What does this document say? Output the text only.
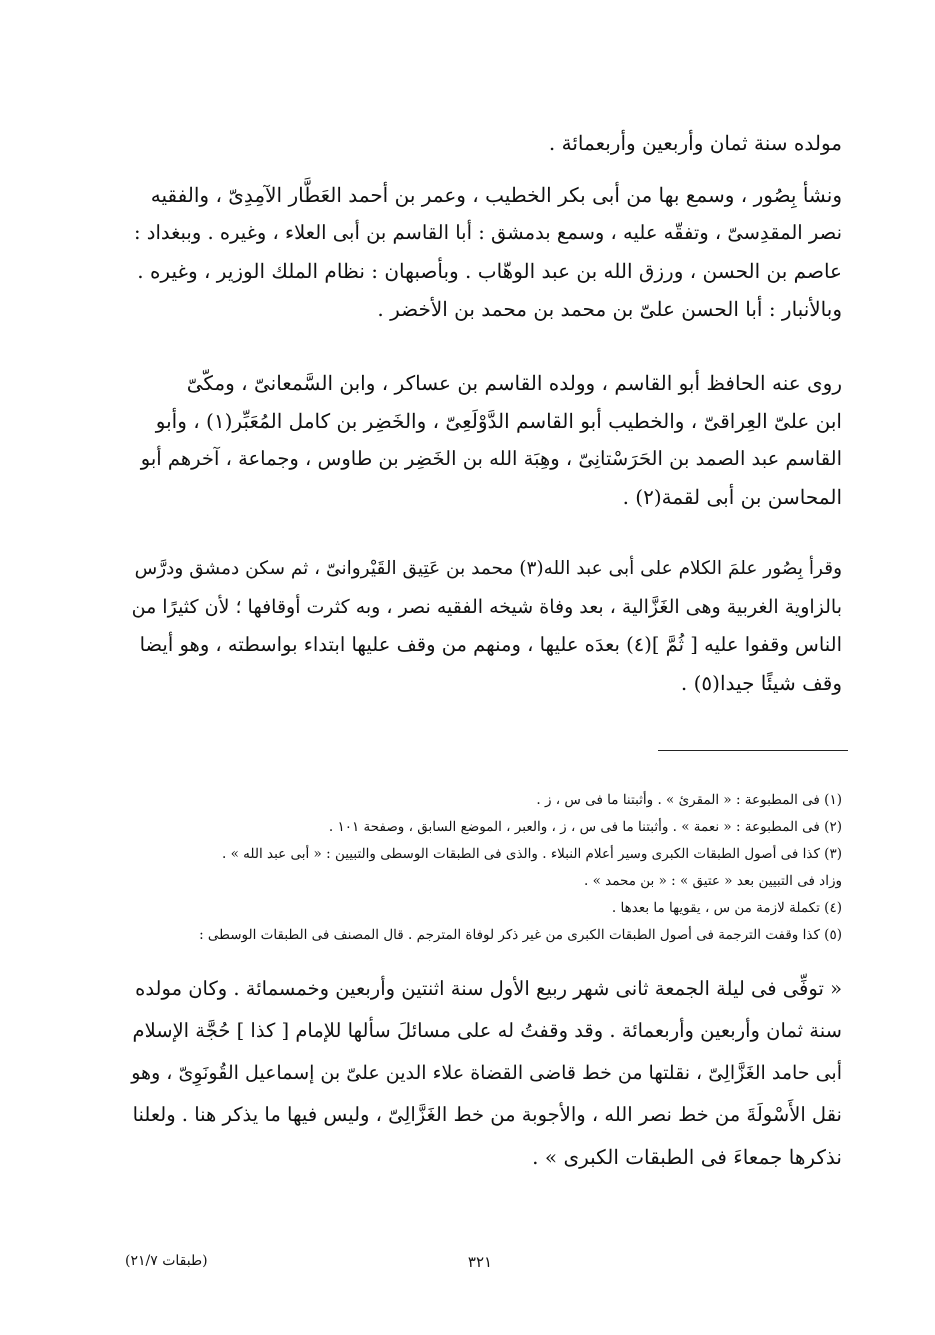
مولده سنة ثمان وأربعين وأربعمائة .
ونشأ بِصُور ، وسمع بها من أبى بكر الخطيب ، وعمر بن أحمد العَطَّار الآمِدِىّ ، والفقيه
نصر المقدِسىّ ، وتفقّه عليه ، وسمع بدمشق : أبا القاسم بن أبى العلاء ، وغيره . وببغداد :
عاصم بن الحسن ، ورزق الله بن عبد الوهّاب . وبأصبهان : نظام الملك الوزير ، وغيره .
وبالأنبار : أبا الحسن علىّ بن محمد بن محمد بن الأخضر .
روى عنه الحافظ أبو القاسم ، وولده القاسم بن عساكر ، وابن السَّمعانىّ ، ومكّىّ
ابن علىّ العِراقىّ ، والخطيب أبو القاسم الدَّوْلَعِىّ ، والخَضِر بن كامل المُعَبِّر(١) ، وأبو
القاسم عبد الصمد بن الحَرَسْتانِىّ ، وهِبَة الله بن الخَضِر بن طاوس ، وجماعة ، آخرهم أبو
المحاسن بن أبى لقمة(٢) .
وقرأ بِصُور علمَ الكلام على أبى عبد الله(٣) محمد بن عَتِيق القَيْروانىّ ، ثم سكن دمشق ودرَّس
بالزاوية الغربية وهى الغَزَّالية ، بعد وفاة شيخه الفقيه نصر ، وبه كثرت أوقافها ؛ لأن كثيرًا من
الناس وقفوا عليه [ ثُمَّ ](٤) بعدَه عليها ، ومنهم من وقف عليها ابتداء بواسطته ، وهو أيضا
وقف شيئًا جيدا(٥) .
(١) فى المطبوعة : « المقرئ » . وأثبتنا ما فى س ، ز .
(٢) فى المطبوعة : « نعمة » . وأثبتنا ما فى س ، ز ، والعبر ، الموضع السابق ، وصفحة ١٠١ .
(٣) كذا فى أصول الطبقات الكبرى وسير أعلام النبلاء . والذى فى الطبقات الوسطى والتبيين : « أبى عبد الله » .
وزاد فى التبيين بعد « عتيق » : « بن محمد » .
(٤) تكملة لازمة من س ، يقويها ما بعدها .
(٥) كذا وقفت الترجمة فى أصول الطبقات الكبرى من غير ذكر لوفاة المترجم . قال المصنف فى الطبقات الوسطى :
« توفِّى فى ليلة الجمعة ثانى شهر ربيع الأول سنة اثنتين وأربعين وخمسمائة . وكان مولده
سنة ثمان وأربعين وأربعمائة . وقد وقفتُ له على مسائلَ سألها للإمام [ كذا ] حُجَّة الإسلام
أبى حامد الغَزَّالِىّ ، نقلتها من خط قاضى القضاة علاء الدين علىّ بن إسماعيل القُونَوِىّ ، وهو
نقل الأَسْولَةَ من خط نصر الله ، والأجوبة من خط الغَزَّالِىّ ، وليس فيها ما يذكر هنا . ولعلنا
نذكرها جمعاءَ فى الطبقات الكبرى » .
٣٢١
(طبقات ٢١/٧)
